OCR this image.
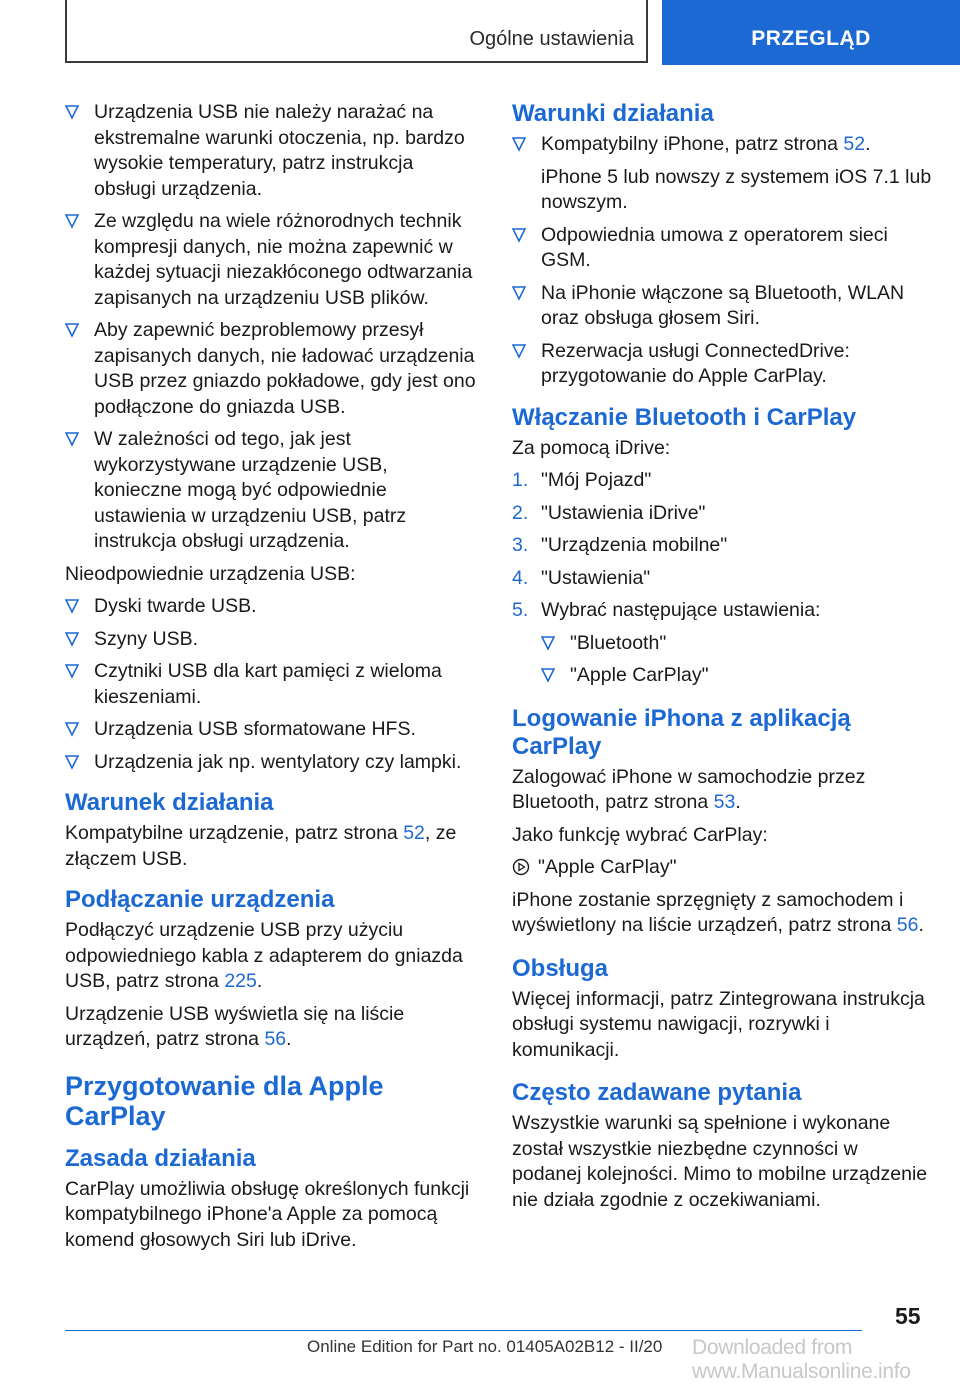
Ogólne ustawienia	PRZEGLĄD
Urządzenia USB nie należy narażać na ekstremalne warunki otoczenia, np. bardzo wysokie temperatury, patrz instrukcja obsługi urządzenia.
Ze względu na wiele różnorodnych technik kompresji danych, nie można zapewnić w każdej sytuacji niezakłóconego odtwarzania zapisanych na urządzeniu USB plików.
Aby zapewnić bezproblemowy przesył zapisanych danych, nie ładować urządzenia USB przez gniazdo pokładowe, gdy jest ono podłączone do gniazda USB.
W zależności od tego, jak jest wykorzystywane urządzenie USB, konieczne mogą być odpowiednie ustawienia w urządzeniu USB, patrz instrukcja obsługi urządzenia.

Nieodpowiednie urządzenia USB:

Dyski twarde USB.
Szyny USB.
Czytniki USB dla kart pamięci z wieloma kieszeniami.
Urządzenia USB sformatowane HFS.
Urządzenia jak np. wentylatory czy lampki.
Warunek działania

Kompatybilne urządzenie, patrz strona 52, ze złączem USB.

Podłączanie urządzenia

Podłączyć urządzenie USB przy użyciu odpowiedniego kabla z adapterem do gniazda USB, patrz strona 225.

Urządzenie USB wyświetla się na liście urządzeń, patrz strona 56.

Przygotowanie dla Apple CarPlay
Zasada działania

CarPlay umożliwia obsługę określonych funkcji kompatybilnego iPhone'a Apple za pomocą komend głosowych Siri lub iDrive.

Warunki działania
Kompatybilny iPhone, patrz strona 52.
iPhone 5 lub nowszy z systemem iOS 7.1 lub nowszym.
Odpowiednia umowa z operatorem sieci GSM.
Na iPhonie włączone są Bluetooth, WLAN oraz obsługa głosem Siri.
Rezerwacja usługi ConnectedDrive: przygotowanie do Apple CarPlay.
Włączanie Bluetooth i CarPlay

Za pomocą iDrive:

1. "Mój Pojazd"
2. "Ustawienia iDrive"
3. "Urządzenia mobilne"
4. "Ustawienia"
5. Wybrać następujące ustawienia:
"Bluetooth"
"Apple CarPlay"
Logowanie iPhona z aplikacją CarPlay

Zalogować iPhone w samochodzie przez Bluetooth, patrz strona 53.

Jako funkcję wybrać CarPlay:

"Apple CarPlay"

iPhone zostanie sprzęgnięty z samochodem i wyświetlony na liście urządzeń, patrz strona 56.

Obsługa

Więcej informacji, patrz Zintegrowana instrukcja obsługi systemu nawigacji, rozrywki i komunikacji.

Często zadawane pytania

Wszystkie warunki są spełnione i wykonane został wszystkie niezbędne czynności w podanej kolejności. Mimo to mobilne urządzenie nie działa zgodnie z oczekiwaniami.

55
Online Edition for Part no. 01405A02B12 - II/20 Downloaded from www.Manualsonline.info
